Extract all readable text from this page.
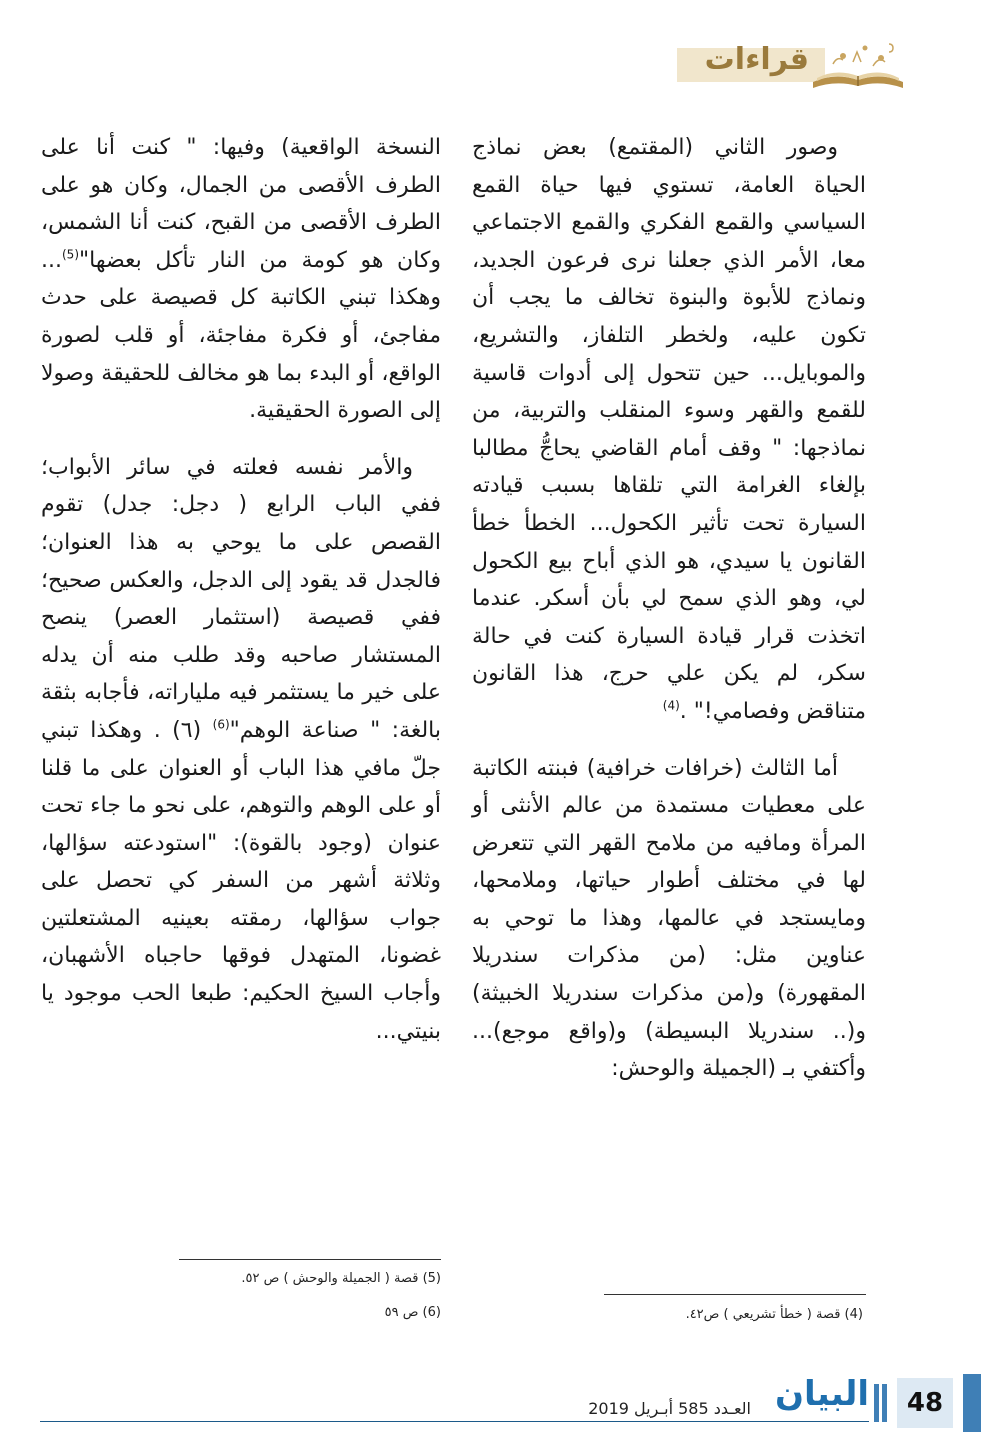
قراءات

وصور الثاني (المقتمع) بعض نماذج الحياة العامة، تستوي فيها حياة القمع السياسي والقمع الفكري والقمع الاجتماعي معا، الأمر الذي جعلنا نرى فرعون الجديد، ونماذج للأبوة والبنوة تخالف ما يجب أن تكون عليه، ولخطر التلفاز، والتشريع، والموبايل... حين تتحول إلى أدوات قاسية للقمع والقهر وسوء المنقلب والتربية، من نماذجها: " وقف أمام القاضي يحاجُّ مطالبا بإلغاء الغرامة التي تلقاها بسبب قيادته السيارة تحت تأثير الكحول... الخطأ خطأ القانون يا سيدي، هو الذي أباح بيع الكحول لي، وهو الذي سمح لي بأن أسكر. عندما اتخذت قرار قيادة السيارة كنت في حالة سكر، لم يكن علي حرج، هذا القانون متناقض وفصامي!" .$^{(4)}$

أما الثالث (خرافات خرافية) فبنته الكاتبة على معطيات مستمدة من عالم الأنثى أو المرأة ومافيه من ملامح القهر التي تتعرض لها في مختلف أطوار حياتها، وملامحها، ومايستجد في عالمها، وهذا ما توحي به عناوين مثل: (من مذكرات سندريلا المقهورة) و(من مذكرات سندريلا الخبيثة) و(.. سندريلا البسيطة) و(واقع موجع)... وأكتفي بـ (الجميلة والوحش:

النسخة الواقعية) وفيها: " كنت أنا على الطرف الأقصى من الجمال، وكان هو على الطرف الأقصى من القبح، كنت أنا الشمس، وكان هو كومة من النار تأكل بعضها"$^{(5)}$... وهكذا تبني الكاتبة كل قصيصة على حدث مفاجئ، أو فكرة مفاجئة، أو قلب لصورة الواقع، أو البدء بما هو مخالف للحقيقة وصولا إلى الصورة الحقيقية.

والأمر نفسه فعلته في سائر الأبواب؛ ففي الباب الرابع ( دجل: جدل) تقوم القصص على ما يوحي به هذا العنوان؛ فالجدل قد يقود إلى الدجل، والعكس صحيح؛ ففي قصيصة (استثمار العصر) ينصح المستشار صاحبه وقد طلب منه أن يدله على خير ما يستثمر فيه ملياراته، فأجابه بثقة بالغة: " صناعة الوهم"$^{(6)}$ (٦) . وهكذا تبني جلّ مافي هذا الباب أو العنوان على ما قلنا أو على الوهم والتوهم، على نحو ما جاء تحت عنوان (وجود بالقوة): "استودعته سؤالها، وثلاثة أشهر من السفر كي تحصل على جواب سؤالها، رمقته بعينيه المشتعلتين غضونا، المتهدل فوقها حاجباه الأشهبان، وأجاب السيخ الحكيم: طبعا الحب موجود يا بنيتي...

(4) قصة ( خطأ تشريعي ) ص٤٢.
(5) قصة ( الجميلة والوحش ) ص ٥٢.
(6) ص ٥٩
48
البيان
العـدد 585 أبـريل 2019
